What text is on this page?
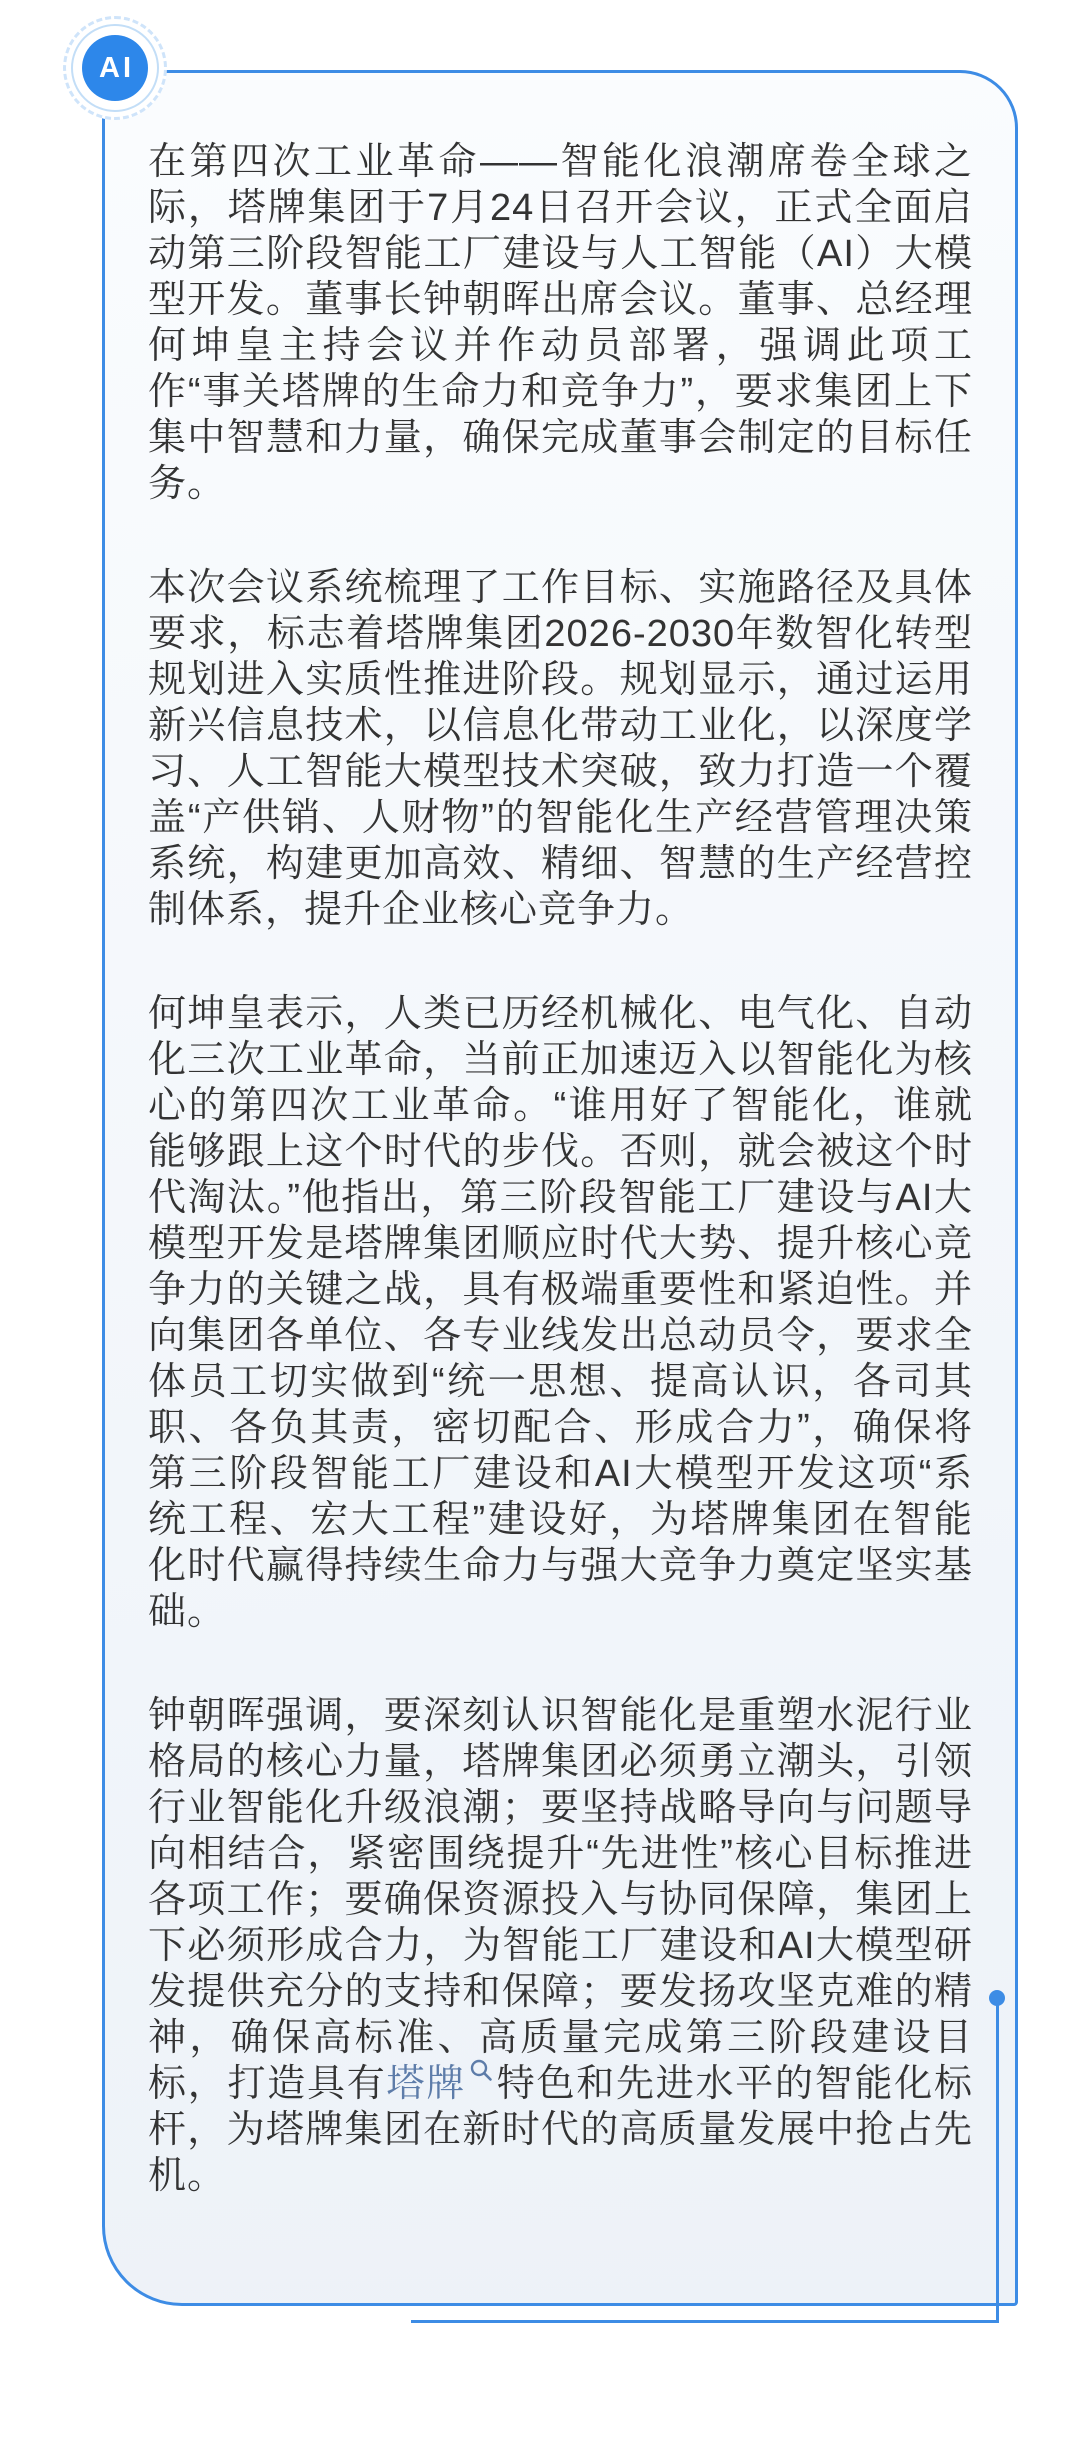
在第四次工业革命——智能化浪潮席卷全球之际，塔牌集团于7月24日召开会议，正式全面启动第三阶段智能工厂建设与人工智能（AI）大模型开发。董事长钟朝晖出席会议。董事、总经理何坤皇主持会议并作动员部署，强调此项工作“事关塔牌的生命力和竞争力”，要求集团上下集中智慧和力量，确保完成董事会制定的目标任务。

本次会议系统梳理了工作目标、实施路径及具体要求，标志着塔牌集团2026-2030年数智化转型规划进入实质性推进阶段。规划显示，通过运用新兴信息技术，以信息化带动工业化，以深度学习、人工智能大模型技术突破，致力打造一个覆盖“产供销、人财物”的智能化生产经营管理决策系统，构建更加高效、精细、智慧的生产经营控制体系，提升企业核心竞争力。

何坤皇表示，人类已历经机械化、电气化、自动化三次工业革命，当前正加速迈入以智能化为核心的第四次工业革命。“谁用好了智能化，谁就能够跟上这个时代的步伐。否则，就会被这个时代淘汰。”他指出，第三阶段智能工厂建设与AI大模型开发是塔牌集团顺应时代大势、提升核心竞争力的关键之战，具有极端重要性和紧迫性。并向集团各单位、各专业线发出总动员令，要求全体员工切实做到“统一思想、提高认识，各司其职、各负其责，密切配合、形成合力”，确保将第三阶段智能工厂建设和AI大模型开发这项“系统工程、宏大工程”建设好，为塔牌集团在智能化时代赢得持续生命力与强大竞争力奠定坚实基础。

钟朝晖强调，要深刻认识智能化是重塑水泥行业格局的核心力量，塔牌集团必须勇立潮头，引领行业智能化升级浪潮；要坚持战略导向与问题导向相结合，紧密围绕提升“先进性”核心目标推进各项工作；要确保资源投入与协同保障，集团上下必须形成合力，为智能工厂建设和AI大模型研发提供充分的支持和保障；要发扬攻坚克难的精神，确保高标准、高质量完成第三阶段建设目标，打造具有塔牌 特色和先进水平的智能化标杆，为塔牌集团在新时代的高质量发展中抢占先机。

AI
